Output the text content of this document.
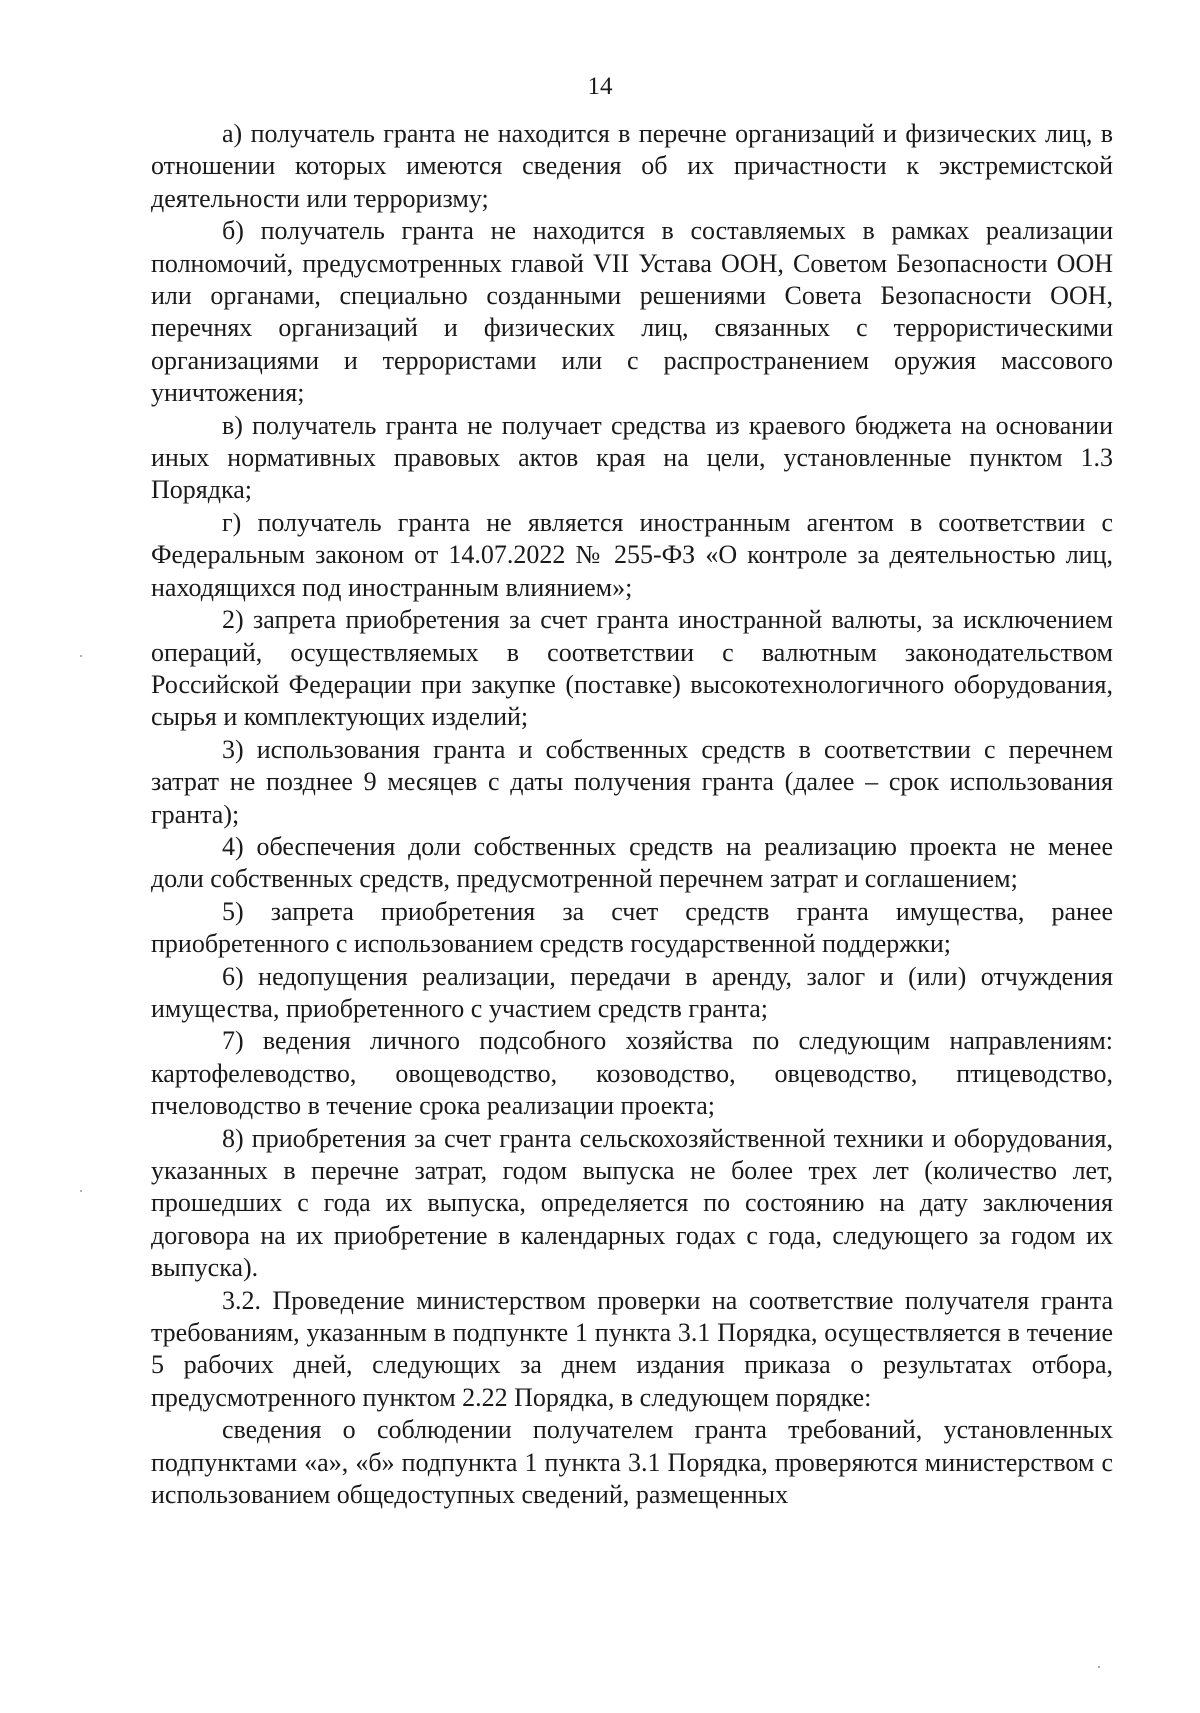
14

а) получатель гранта не находится в перечне организаций и физических лиц, в отношении которых имеются сведения об их причастности к экстремистской деятельности или терроризму;

б) получатель гранта не находится в составляемых в рамках реализации полномочий, предусмотренных главой VII Устава ООН, Советом Безопасности ООН или органами, специально созданными решениями Совета Безопасности ООН, перечнях организаций и физических лиц, связанных с террористическими организациями и террористами или с распространением оружия массового уничтожения;

в) получатель гранта не получает средства из краевого бюджета на основании иных нормативных правовых актов края на цели, установленные пунктом 1.3 Порядка;

г) получатель гранта не является иностранным агентом в соответствии с Федеральным законом от 14.07.2022 № 255-ФЗ «О контроле за деятельностью лиц, находящихся под иностранным влиянием»;

2) запрета приобретения за счет гранта иностранной валюты, за исключением операций, осуществляемых в соответствии с валютным законодательством Российской Федерации при закупке (поставке) высокотехнологичного оборудования, сырья и комплектующих изделий;

3) использования гранта и собственных средств в соответствии с перечнем затрат не позднее 9 месяцев с даты получения гранта (далее – срок использования гранта);

4) обеспечения доли собственных средств на реализацию проекта не менее доли собственных средств, предусмотренной перечнем затрат и соглашением;

5) запрета приобретения за счет средств гранта имущества, ранее приобретенного с использованием средств государственной поддержки;

6) недопущения реализации, передачи в аренду, залог и (или) отчуждения имущества, приобретенного с участием средств гранта;

7) ведения личного подсобного хозяйства по следующим направлениям: картофелеводство, овощеводство, козоводство, овцеводство, птицеводство, пчеловодство в течение срока реализации проекта;

8) приобретения за счет гранта сельскохозяйственной техники и оборудования, указанных в перечне затрат, годом выпуска не более трех лет (количество лет, прошедших с года их выпуска, определяется по состоянию на дату заключения договора на их приобретение в календарных годах с года, следующего за годом их выпуска).

3.2. Проведение министерством проверки на соответствие получателя гранта требованиям, указанным в подпункте 1 пункта 3.1 Порядка, осуществляется в течение 5 рабочих дней, следующих за днем издания приказа о результатах отбора, предусмотренного пунктом 2.22 Порядка, в следующем порядке:

сведения о соблюдении получателем гранта требований, установленных подпунктами «а», «б» подпункта 1 пункта 3.1 Порядка, проверяются министерством с использованием общедоступных сведений, размещенных
